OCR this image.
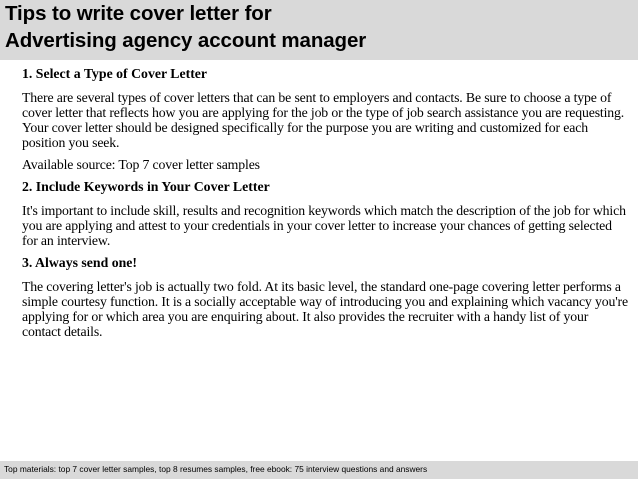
Tips to write cover letter for
Advertising agency account manager
1. Select a Type of Cover Letter
There are several types of cover letters that can be sent to employers and contacts. Be sure to choose a type of cover letter that reflects how you are applying for the job or the type of job search assistance you are requesting. Your cover letter should be designed specifically for the purpose you are writing and customized for each position you seek.
Available source: Top 7 cover letter samples
2. Include Keywords in Your Cover Letter
It's important to include skill, results and recognition keywords which match the description of the job for which you are applying and attest to your credentials in your cover letter to increase your chances of getting selected for an interview.
3. Always send one!
The covering letter's job is actually two fold. At its basic level, the standard one-page covering letter performs a simple courtesy function. It is a socially acceptable way of introducing you and explaining which vacancy you're applying for or which area you are enquiring about. It also provides the recruiter with a handy list of your contact details.
Top materials: top 7 cover letter samples, top 8 resumes samples, free ebook: 75 interview questions and answers
